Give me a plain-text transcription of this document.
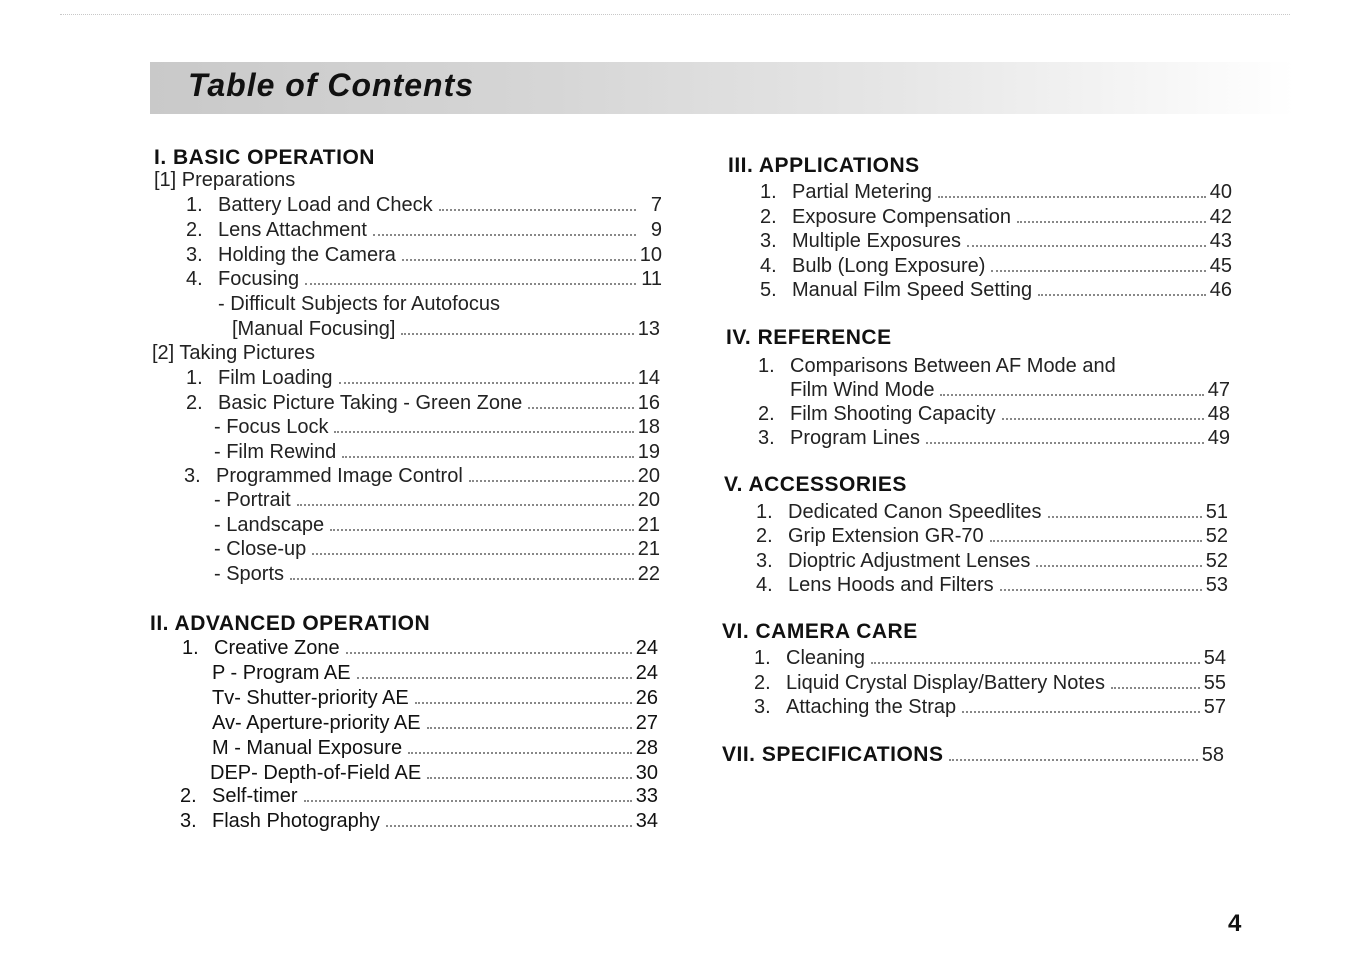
Table of Contents
I. BASIC OPERATION
[1] Preparations
1. Battery Load and Check	7
2. Lens Attachment	9
3. Holding the Camera	10
4. Focusing	11
- Difficult Subjects for Autofocus
[Manual Focusing]	13
[2] Taking Pictures
1. Film Loading	14
2. Basic Picture Taking - Green Zone	16
- Focus Lock	18
- Film Rewind	19
3. Programmed Image Control	20
- Portrait	20
- Landscape	21
- Close-up	21
- Sports	22
II. ADVANCED OPERATION
1. Creative Zone	24
P - Program AE	24
Tv- Shutter-priority AE	26
Av- Aperture-priority AE	27
M - Manual Exposure	28
DEP- Depth-of-Field AE	30
2. Self-timer	33
3. Flash Photography	34
III. APPLICATIONS
1. Partial Metering	40
2. Exposure Compensation	42
3. Multiple Exposures	43
4. Bulb (Long Exposure)	45
5. Manual Film Speed Setting	46
IV. REFERENCE
1. Comparisons Between AF Mode and
Film Wind Mode	47
2. Film Shooting Capacity	48
3. Program Lines	49
V. ACCESSORIES
1. Dedicated Canon Speedlites	51
2. Grip Extension GR-70	52
3. Dioptric Adjustment Lenses	52
4. Lens Hoods and Filters	53
VI. CAMERA CARE
1. Cleaning	54
2. Liquid Crystal Display/Battery Notes	55
3. Attaching the Strap	57
VII. SPECIFICATIONS	58
4
